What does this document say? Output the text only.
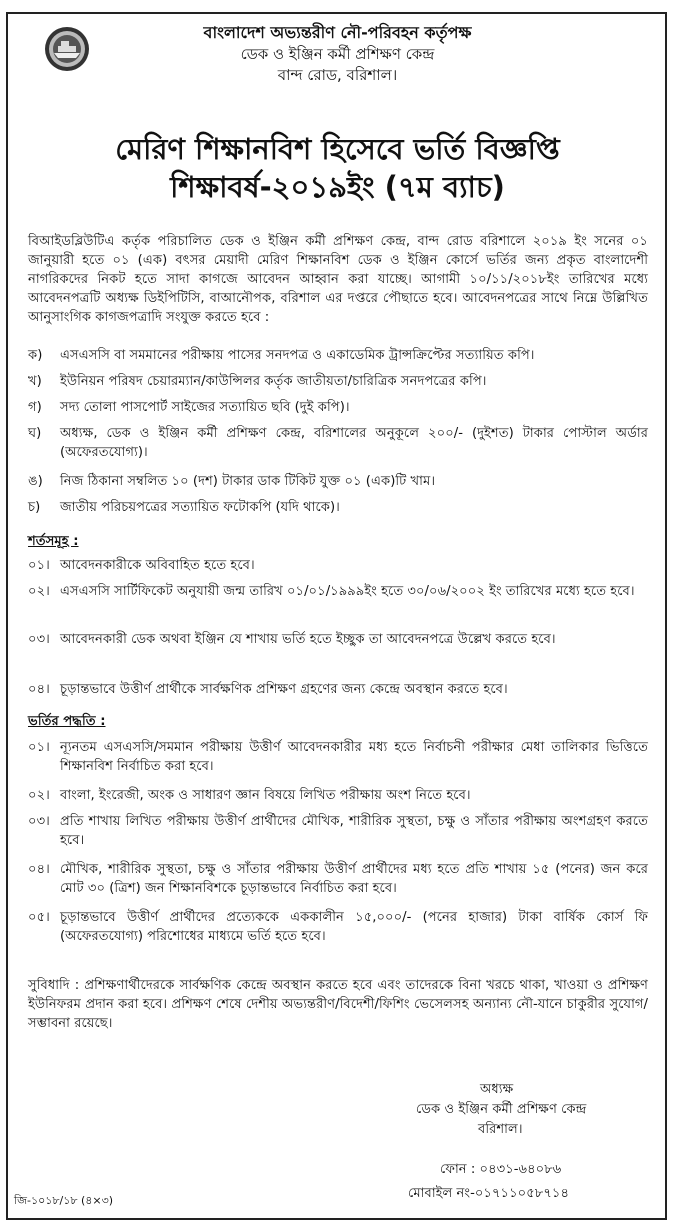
বাংলাদেশ অভ্যন্তরীণ নৌ-পরিবহন কর্তৃপক্ষ
ডেক ও ইঞ্জিন কর্মী প্রশিক্ষণ কেন্দ্র
বান্দ রোড, বরিশাল।
মেরিণ শিক্ষানবিশ হিসেবে ভর্তি বিজ্ঞপ্তি
শিক্ষাবর্ষ-২০১৯ইং (৭ম ব্যাচ)
বিআইডব্লিউটিএ কর্তৃক পরিচালিত ডেক ও ইঞ্জিন কর্মী প্রশিক্ষণ কেন্দ্র, বান্দ রোড বরিশালে ২০১৯ ইং সনের ০১ জানুয়ারী হতে ০১ (এক) বৎসর মেয়াদী মেরিণ শিক্ষানবিশ ডেক ও ইঞ্জিন কোর্সে ভর্তির জন্য প্রকৃত বাংলাদেশী নাগরিকদের নিকট হতে সাদা কাগজে আবেদন আহ্বান করা যাচ্ছে। আগামী ১০/১১/২০১৮ইং তারিখের মধ্যে আবেদনপত্রটি অধ্যক্ষ ডিইপিটিসি, বাআনৌপক, বরিশাল এর দপ্তরে পৌছাতে হবে। আবেদনপত্রের সাথে নিম্নে উল্লিখিত আনুসাংগিক কাগজপত্রাদি সংযুক্ত করতে হবে :
ক) এসএসসি বা সমমানের পরীক্ষায় পাসের সনদপত্র ও একাডেমিক ট্রান্সক্রিপ্টের সত্যায়িত কপি।
খ) ইউনিয়ন পরিষদ চেয়ারম্যান/কাউন্সিলর কর্তৃক জাতীয়তা/চারিত্রিক সনদপত্রের কপি।
গ) সদ্য তোলা পাসপোর্ট সাইজের সত্যায়িত ছবি (দুই কপি)।
ঘ) অধ্যক্ষ, ডেক ও ইঞ্জিন কর্মী প্রশিক্ষণ কেন্দ্র, বরিশালের অনুকূলে ২০০/- (দুইশত) টাকার পোস্টাল অর্ডার (অফেরতযোগ্য)।
ঙ) নিজ ঠিকানা সম্বলিত ১০ (দশ) টাকার ডাক টিকিট যুক্ত ০১ (এক)টি খাম।
চ) জাতীয় পরিচয়পত্রের সত্যায়িত ফটোকপি (যদি থাকে)।
শর্তসমূহ :
০১। আবেদনকারীকে অবিবাহিত হতে হবে।
০২। এসএসসি সার্টিফিকেট অনুযায়ী জন্ম তারিখ ০১/০১/১৯৯৯ইং হতে ৩০/০৬/২০০২ ইং তারিখের মধ্যে হতে হবে।
০৩। আবেদনকারী ডেক অথবা ইঞ্জিন যে শাখায় ভর্তি হতে ইচ্ছুক তা আবেদনপত্রে উল্লেখ করতে হবে।
০৪। চূড়ান্তভাবে উত্তীর্ণ প্রার্থীকে সার্বক্ষণিক প্রশিক্ষণ গ্রহণের জন্য কেন্দ্রে অবস্থান করতে হবে।
ভর্তির পদ্ধতি :
০১। ন্যূনতম এসএসসি/সমমান পরীক্ষায় উত্তীর্ণ আবেদনকারীর মধ্য হতে নির্বাচনী পরীক্ষার মেধা তালিকার ভিত্তিতে শিক্ষানবিশ নির্বাচিত করা হবে।
০২। বাংলা, ইংরেজী, অংক ও সাধারণ জ্ঞান বিষয়ে লিখিত পরীক্ষায় অংশ নিতে হবে।
০৩। প্রতি শাখায় লিখিত পরীক্ষায় উত্তীর্ণ প্রার্থীদের মৌখিক, শারীরিক সুস্থতা, চক্ষু ও সাঁতার পরীক্ষায় অংশগ্রহণ করতে হবে।
০৪। মৌখিক, শারীরিক সুস্থতা, চক্ষু ও সাঁতার পরীক্ষায় উত্তীর্ণ প্রার্থীদের মধ্য হতে প্রতি শাখায় ১৫ (পনের) জন করে মোট ৩০ (ত্রিশ) জন শিক্ষানবিশকে চূড়ান্তভাবে নির্বাচিত করা হবে।
০৫। চূড়ান্তভাবে উত্তীর্ণ প্রার্থীদের প্রত্যেককে এককালীন ১৫,০০০/- (পনের হাজার) টাকা বার্ষিক কোর্স ফি (অফেরতযোগ্য) পরিশোধের মাধ্যমে ভর্তি হতে হবে।
সুবিধাদি : প্রশিক্ষণার্থীদেরকে সার্বক্ষণিক কেন্দ্রে অবস্থান করতে হবে এবং তাদেরকে বিনা খরচে থাকা, খাওয়া ও প্রশিক্ষণ ইউনিফরম প্রদান করা হবে। প্রশিক্ষণ শেষে দেশীয় অভ্যন্তরীণ/বিদেশী/ফিশিং ভেসেলসহ অন্যান্য নৌ-যানে চাকুরীর সুযোগ/সম্ভাবনা রয়েছে।
অধ্যক্ষ
ডেক ও ইঞ্জিন কর্মী প্রশিক্ষণ কেন্দ্র
বরিশাল।
ফোন : ০৪৩১-৬৪০৮৬
মোবাইল নং-০১৭১১০৫৮৭১৪
জি-১০১৮/১৮ (৪×৩)
